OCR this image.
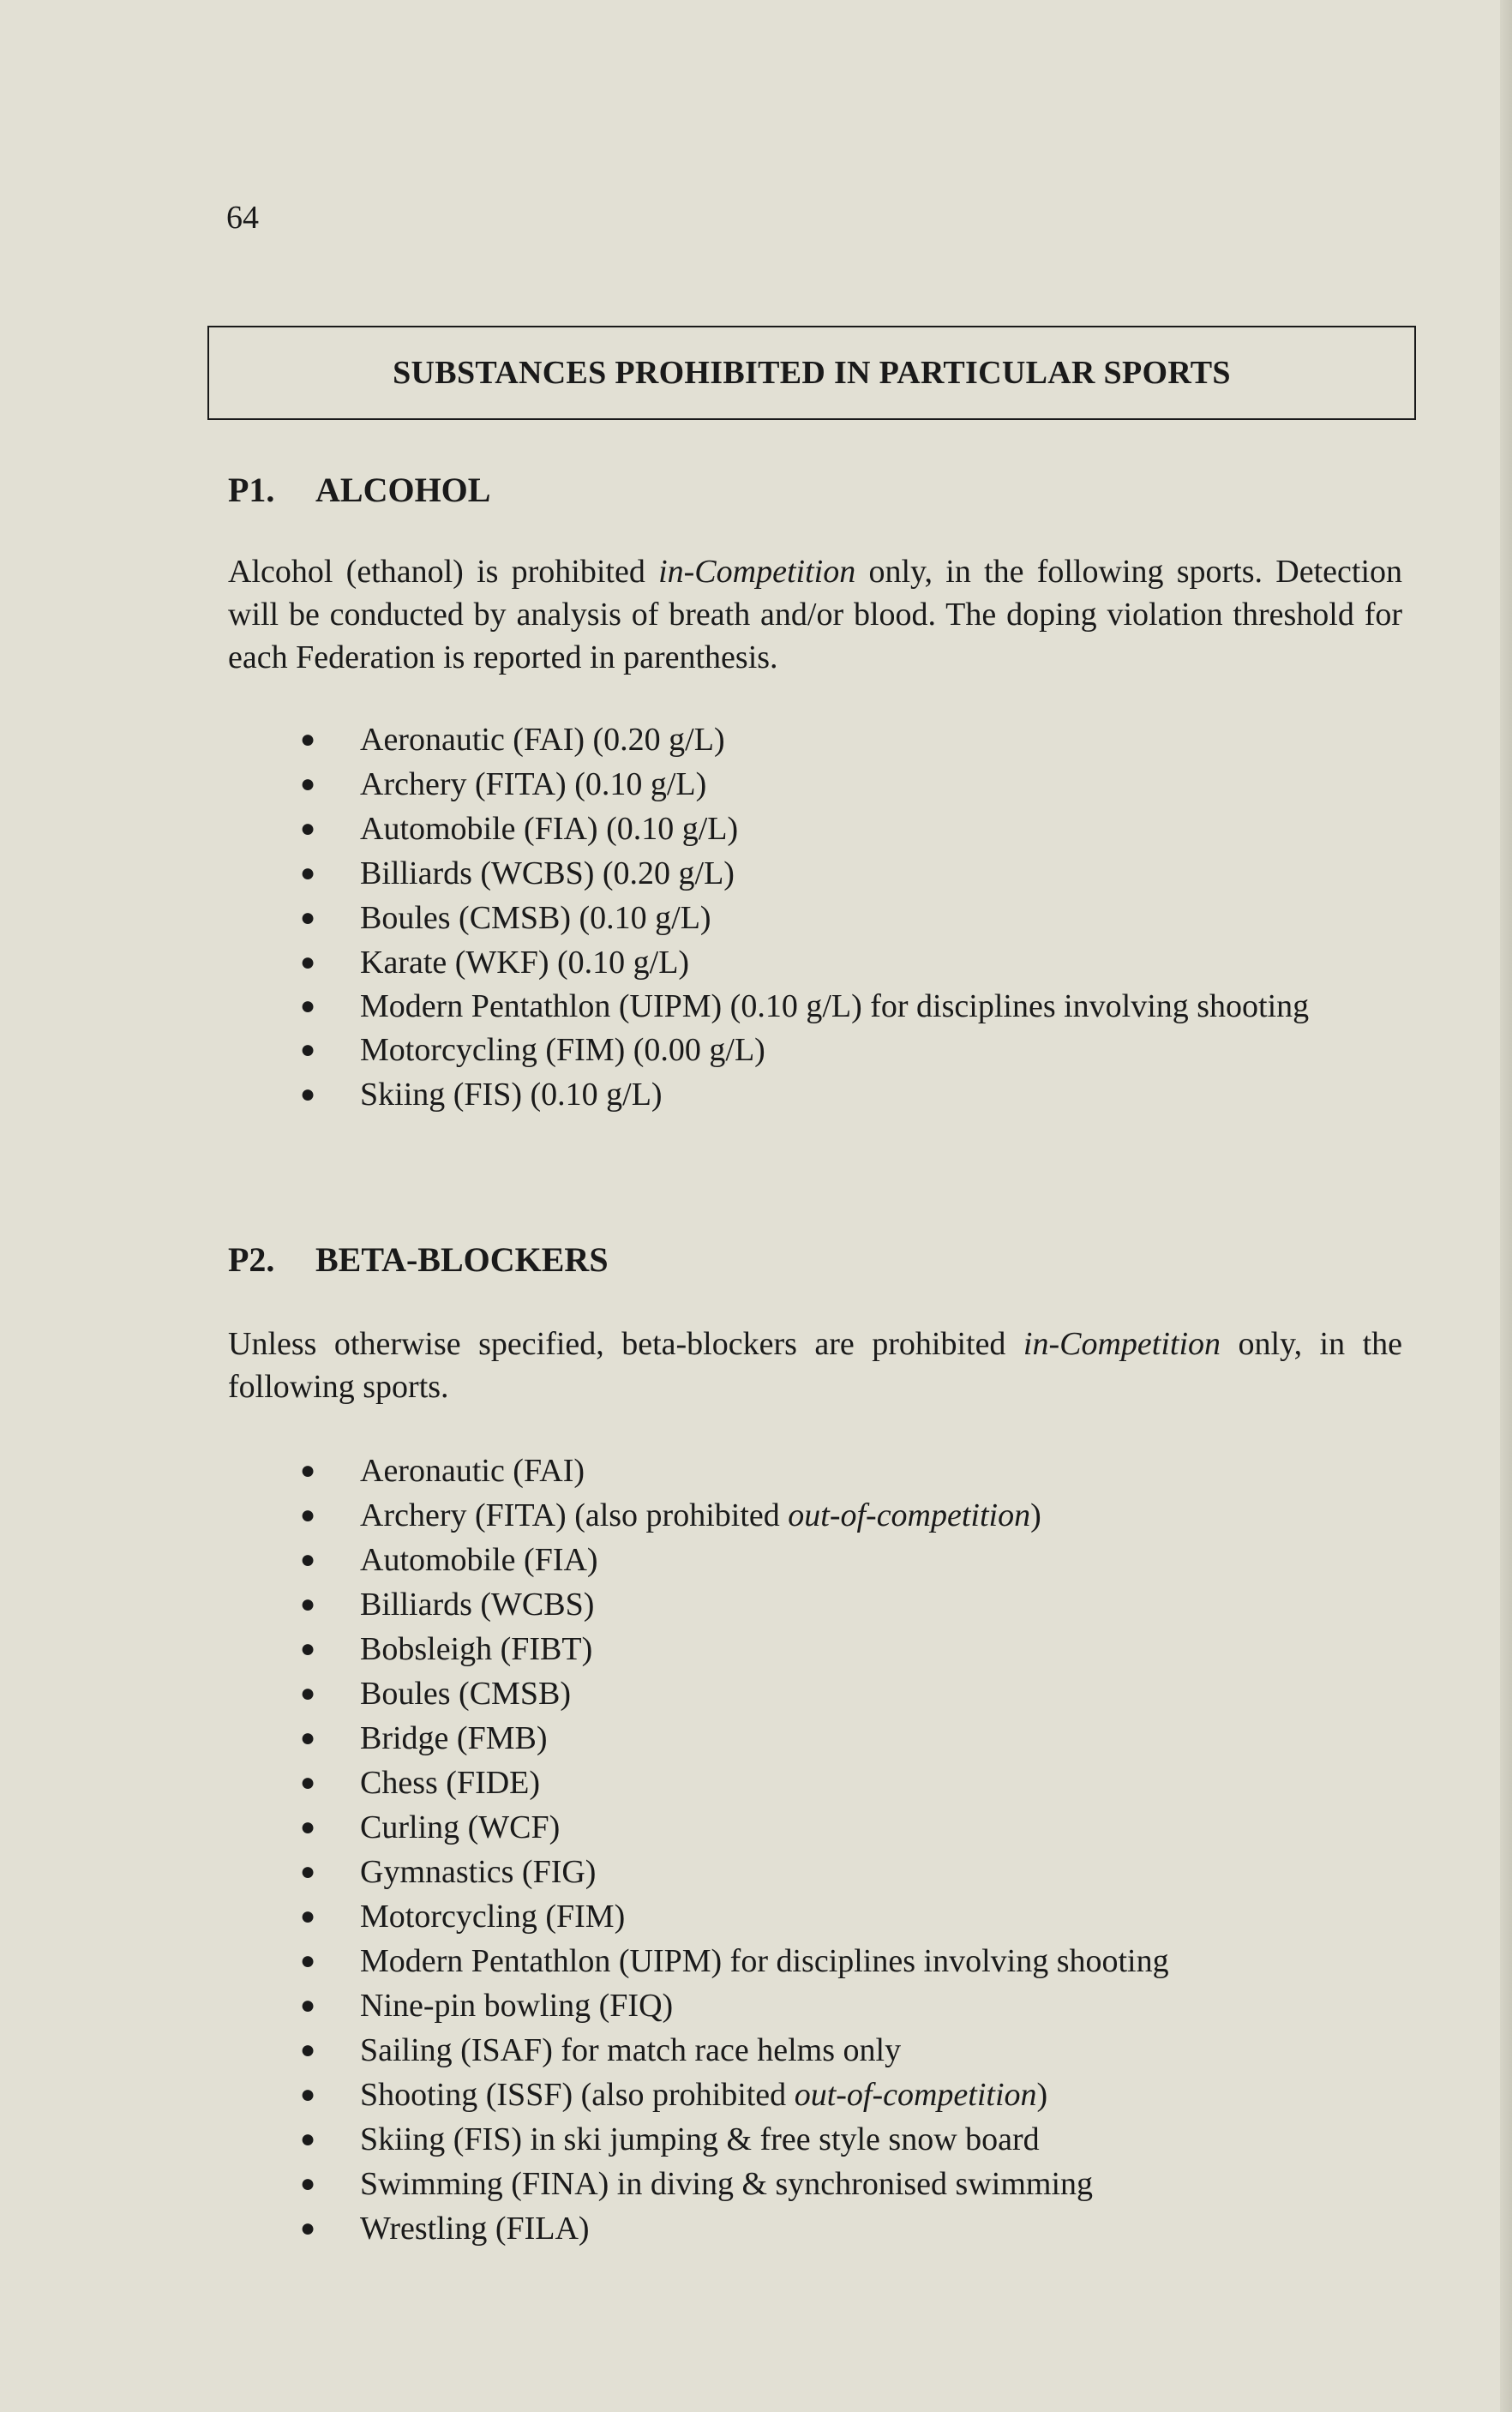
64
SUBSTANCES PROHIBITED IN PARTICULAR SPORTS
P1. ALCOHOL
Alcohol (ethanol) is prohibited in-Competition only, in the following sports. Detection will be conducted by analysis of breath and/or blood. The doping violation threshold for each Federation is reported in parenthesis.
● Aeronautic (FAI) (0.20 g/L)
● Archery (FITA) (0.10 g/L)
● Automobile (FIA) (0.10 g/L)
● Billiards (WCBS) (0.20 g/L)
● Boules (CMSB) (0.10 g/L)
● Karate (WKF) (0.10 g/L)
● Modern Pentathlon (UIPM) (0.10 g/L) for disciplines involving shooting
● Motorcycling (FIM) (0.00 g/L)
● Skiing (FIS) (0.10 g/L)
P2. BETA-BLOCKERS
Unless otherwise specified, beta-blockers are prohibited in-Competition only, in the following sports.
● Aeronautic (FAI)
● Archery (FITA) (also prohibited out-of-competition)
● Automobile (FIA)
● Billiards (WCBS)
● Bobsleigh (FIBT)
● Boules (CMSB)
● Bridge (FMB)
● Chess (FIDE)
● Curling (WCF)
● Gymnastics (FIG)
● Motorcycling (FIM)
● Modern Pentathlon (UIPM) for disciplines involving shooting
● Nine-pin bowling (FIQ)
● Sailing (ISAF) for match race helms only
● Shooting (ISSF) (also prohibited out-of-competition)
● Skiing (FIS) in ski jumping & free style snow board
● Swimming (FINA) in diving & synchronised swimming
● Wrestling (FILA)
